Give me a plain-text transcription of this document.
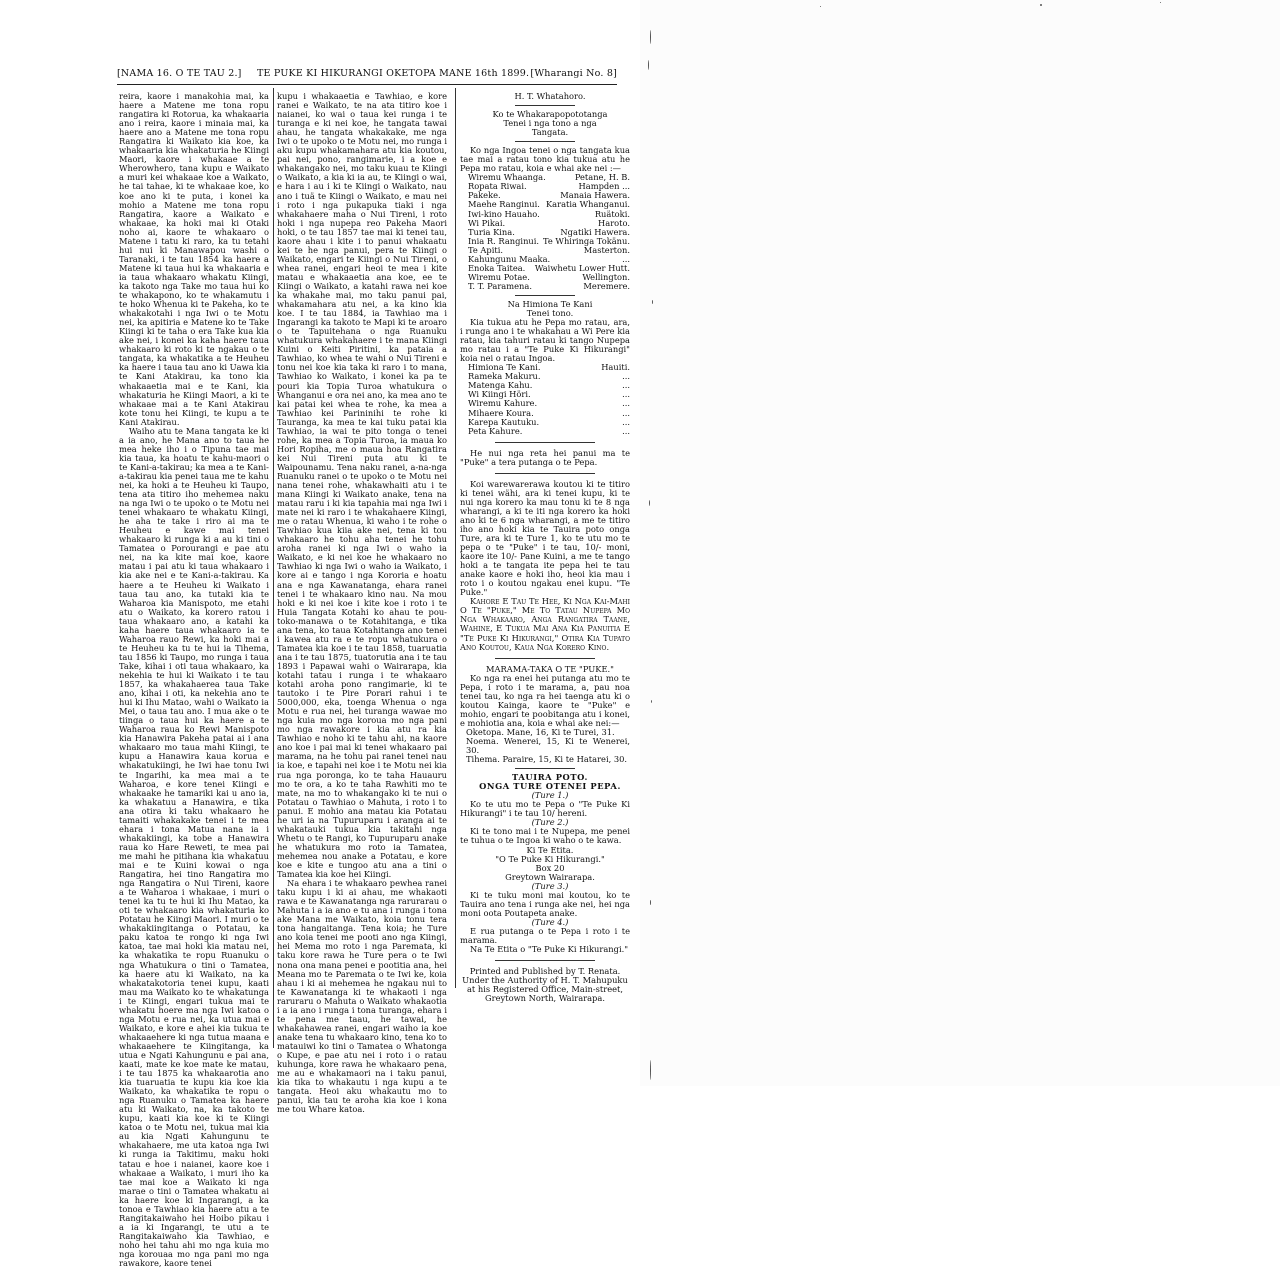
[NAMA 16. O TE TAU 2.] TE PUKE KI HIKURANGI OKETOPA MANE 16th 1899. [Wharangi No. 8]

reira, kaore i manakohia mai, ka haere a Matene me tona ropu rangatira ki Rotorua, ka whakaaria ano i reira, kaore i minaia mai, ka haere ano a Matene me tona ropu Rangatira ki Waikato kia koe, ka whakaaria kia whakaturia he Kiingi Maori, kaore i whakaae a te Wherowhero, tana kupu e Waikato a muri kei whakaae koe a Waikato, he tai tahae, ki te whakaae koe, ko koe ano ki te puta, i konei ka mohio a Matene me tona ropu Rangatira, kaore a Waikato e whakaae, ka hoki mai ki Otaki noho ai, kaore te whakaaro o Matene i tatu ki raro, ka tu tetahi hui nui ki Manawapou washi o Taranaki, i te tau 1854 ka haere a Matene ki taua hui ka whakaaria e ia taua whakaaro whakatu Kiingi, ka takoto nga Take mo taua hui ko te whakapono, ko te whakamutu i te hoko Whenua ki te Pakeha, ko te whakakotahi i nga Iwi o te Motu nei, ka apitiria e Matene ko te Take Kiingi ki te taha o era Take kua kia ake nei, i konei ka kaha haere taua whakaaro ki roto ki te ngakau o te tangata, ka whakatika a te Heuheu ka haere i taua tau ano ki Uawa kia te Kani Atakirau, ka tono kia whakaaetia mai e te Kani, kia whakaturia he Kiingi Maori, a ki te whakaae mai a te Kani Atakirau kote tonu hei Kiingi, te kupu a te Kani Atakirau.

Waiho atu te Mana tangata ke ki a ia ano, he Mana ano to taua he mea heke iho i o Tipuna tae mai kia taua, ka hoatu te kahu-maori o te Kani-a-takirau; ka mea a te Kani-a-takirau kia penei taua me te kahu nei, ka hoki a te Heuheu ki Taupo, tena ata titiro iho mehemea naku na nga Iwi o te upoko o te Motu nei tenei whakaaro te whakatu Kiingi, he aha te take i riro ai ma te Heuheu e kawe mai tenei whakaaro ki runga ki a au ki tini o Tamatea o Porourangi e pae atu nei, na ka kite mai koe, kaore matau i pai atu ki taua whakaaro i kia ake nei e te Kani-a-takirau. Ka haere a te Heuheu ki Waikato i taua tau ano, ka tutaki kia te Waharoa kia Manispoto, me etahi atu o Waikato, ka korero ratou i taua whakaaro ano, a katahi ka kaha haere taua whakaaro ia te Waharoa rauo Rewi, ka hoki mai a te Heuheu ka tu te hui ia Tihema, tau 1856 ki Taupo, mo runga i taua Take, kihai i oti taua whakaaro, ka nekehia te hui ki Waikato i te tau 1857, ka whakahaerea taua Take ano, kihai i oti, ka nekehia ano te hui ki Ihu Matao, wahi o Waikato ia Mei, o taua tau ano. I mua ake o te tiinga o taua hui ka haere a te Waharoa raua ko Rewi Manispoto kia Hanawira Pakeha patai ai i ana whakaaro mo taua mahi Kiingi, te kupu a Hanawira kaua korua e whakatukiingi, he Iwi hae tonu Iwi te Ingarihi, ka mea mai a te Waharoa, e kore tenei Kiingi e whakaake he tamariki kai u ano ia, ka whakatuu a Hanawira, e tika ana otira ki taku whakaaro he tamaiti whakakake tenei i te mea ehara i tona Matua nana ia i whakakiingi, ka tobe a Hanawira raua ko Hare Reweti, te mea pai me mahi he pitihana kia whakatuu mai e te Kuini kowai o nga Rangatira, hei tino Rangatira mo nga Rangatira o Nui Tireni, kaore a te Waharoa i whakaae, i muri o tenei ka tu te hui ki Ihu Matao, ka oti te whakaaro kia whakaturia ko Potatau he Kiingi Maori. I muri o te whakakiingitanga o Potatau, ka paku katoa te rongo ki nga Iwi katoa, tae mai hoki kia matau nei, ka whakatika te ropu Ruanuku o nga Whatukura o tini o Tamatea, ka haere atu ki Waikato, na ka whakatakotoria tenei kupu, kaati mau ma Waikato ko te whakatunga i te Kiingi, engari tukua mai te whakatu hoere ma nga Iwi katoa o nga Motu e rua nei, ka utua mai e Waikato, e kore e ahei kia tukua te whakaaehere ki nga tutua maana e whakaaehere te Kiingitanga, ka utua e Ngati Kahungunu e pai ana, kaati, mate ke koe mate ke matau, i te tau 1875 ka whakaarotia ano kia tuaruatia te kupu kia koe kia Waikato, ka whakatika te ropu o nga Ruanuku o Tamatea ka haere atu ki Waikato, na, ka takoto te kupu, kaati kia koe ki te Kiingi katoa o te Motu nei, tukua mai kia au kia Ngati Kahungunu te whakahaere, me uta katoa nga Iwi ki runga ia Takitimu, maku hoki tatau e hoe i naianei, kaore koe i whakaae a Waikato, i muri iho ka tae mai koe a Waikato ki nga marae o tini o Tamatea whakatu ai ka haere koe ki Ingarangi, a ka tonoa e Tawhiao kia haere atu a te Rangitakaiwaho hei Hoibo pikau i a ia ki Ingarangi, te utu a te Rangitakaiwaho kia Tawhiao, e noho hei tahu ahi mo nga kuia mo nga korouaa mo nga pani mo nga rawakore, kaore tenei

kupu i whakaaetia e Tawhiao, e kore ranei e Waikato, te na ata titiro koe i naianei, ko wai o taua kei runga i te turanga e ki nei koe, he tangata tawai ahau, he tangata whakakake, me nga Iwi o te upoko o te Motu nei, mo runga i aku kupu whakamahara atu kia koutou, pai nei, pono, rangimarie, i a koe e whakangako nei, mo taku kuau te Kiingi o Waikato, a kia ki ia au, te Kiingi o wai, e hara i au i ki te Kiingi o Waikato, nau ano i tuä te Kiingi o Waikato, e mau nei i roto i nga pukapuka tiaki i nga whakahaere maha o Nui Tireni, i roto hoki i nga nupepa reo Pakeha Maori hoki, o te tau 1857 tae mai ki tenei tau, kaore ahau i kite i to panui whakaatu kei te he nga panui, pera te Kiingi o Waikato, engari te Kiingi o Nui Tireni, o whea ranei, engari heoi te mea i kite matau e whakaaetia ana koe, ee te Kiingi o Waikato, a katahi rawa nei koe ka whakahe mai, mo taku panui pai, whakamahara atu nei, a ka kino kia koe. I te tau 1884, ia Tawhiao ma i Ingarangi ka takoto te Mapi ki te aroaro o te Tapuitehana o nga Ruanuku whatukura whakahaere i te mana Kiingi Kuini o Keiti Piritini, ka pataia a Tawhiao, ko whea te wahi o Nui Tireni e tonu nei koe kia taka ki raro i to mana, Tawhiao ko Waikato, i konei ka pa te pouri kia Topia Turoa whatukura o Whanganui e ora nei ano, ka mea ano te kai patai kei whea te rohe, ka mea a Tawhiao kei Parininihi te rohe ki Tauranga, ka mea te kai tuku patai kia Tawhiao, ia wai te pito tonga o tenei rohe, ka mea a Topia Turoa, ia maua ko Hori Ropiha, me o maua hoa Rangatira kei Nui Tireni puta atu ki te Waipounamu. Tena naku ranei, a-na-nga Ruanuku ranei o te upoko o te Motu nei nana tenei rohe, whakawhaiti atu i te mana Kiingi ki Waikato anake, tena na matau raru i ki kia tapahia mai nga Iwi i mate nei ki raro i te whakahaere Kiingi, me o ratau Whenua, ki waho i te rohe o Tawhiao kua kiia ake nei, tena ki tou whakaaro he tohu aha tenei he tohu aroha ranei ki nga Iwi o waho ia Waikato, e ki nei koe he whakaaro no Tawhiao ki nga Iwi o waho ia Waikato, i kore ai e tango i nga Kororia e hoatu ana e nga Kawanatanga, ehara ranei tenei i te whakaaro kino nau. Na mou hoki e ki nei koe i kite koe i roto i te Huia Tangata Kotahi ko ahau te pou-toko-manawa o te Kotahitanga, e tika ana tena, ko taua Kotahitanga ano tenei i kawea atu ra e te ropu whatukura o Tamatea kia koe i te tau 1858, tuaruatia ana i te tau 1875, tuatorutia ana i te tau 1893 i Papawai wahi o Wairarapa, kia kotahi tatau i runga i te whakaaro kotahi aroha pono rangimarie, ki te tautoko i te Pire Porari rahui i te 5000,000, eka, toenga Whenua o nga Motu e rua nei, hei turanga wawae mo nga kuia mo nga koroua mo nga pani mo nga rawakore i kia atu ra kia Tawhiao e noho ki te tahu ahi, na kaore ano koe i pai mai ki tenei whakaaro pai marama, na he tohu pai ranei tenei nau ia koe, e tapahi nei koe i te Motu nei kia rua nga poronga, ko te taha Hauauru mo te ora, a ko te taha Rawhiti mo te mate, na mo to whakangako ki te nui o Potatau o Tawhiao o Mahuta, i roto i to panui. E mohio ana matau kia Potatau he uri ia na Tupuruparu i aranga ai te whakatauki tukua kia takitahi nga Whetu o te Rangi, ko Tupuruparu anake he whatukura mo roto ia Tamatea, mehemea nou anake a Potatau, e kore koe e kite e tungoo atu ana a tini o Tamatea kia koe hei Kiingi.

Na ehara i te whakaaro pewhea ranei taku kupu i ki ai ahau, me whakaoti rawa e te Kawanatanga nga rarurarau o Mahuta i a ia ano e tu ana i runga i tona ake Mana me Waikato, koia tonu tera tona hangaitanga. Tena koia; he Ture ano koia tenei me pooti ano nga Kiingi, hei Mema mo roto i nga Paremata, ki taku kore rawa he Ture pera o te Iwi nona ona mana penei e pootitia ana, hei Meana mo te Paremata o te Iwi ke, koia ahau i ki ai mehemea he ngakau nui to te Kawanatanga ki te whakaoti i nga raruraru o Mahuta o Waikato whakaotia i a ia ano i runga i tona turanga, ehara i te pena me taau, he tawai, he whakahawea ranei, engari waiho ia koe anake tena tu whakaaro kino, tena ko to matauiwi ko tini o Tamatea o Whatonga o Kupe, e pae atu nei i roto i o ratau kuhunga, kore rawa he whakaaro pena, me au e whakamaori na i taku panui, kia tika to whakautu i nga kupu a te tangata. Heoi aku whakautu mo to panui, kia tau te aroha kia koe i kona me tou Whare katoa.

H. T. Whatahoro.

Ko te Whakarapopototanga

Tenei i nga tono a nga

Tangata.

Ko nga Ingoa tenei o nga tangata kua tae mai a ratau tono kia tukua atu he Pepa mo ratau, koia e whai ake nei :—

Wiremu Whaanga.	Petane, H. B.
Ropata Riwai.	Hampden ...
Pakeke.	Manaia Hawera.
Maehe Ranginui. Karatia Whanganui.
Iwi-kino Hauaho.	Ruätoki.
Wi Pikai.	Haroto.
Turia Kina.	Ngatiki Hawera.
Inia R. Ranginui. Te Whiringa Tokänu.
Te Apiti.	Masterton.
Kahungunu Maaka.	...
Enoka Taitea. Waiwhetu Lower Hutt.
Wiremu Potae.	Wellington.
T. T. Paramena.	Meremere.

Na Himiona Te Kani

Tenei tono.

Kia tukua atu he Pepa mo ratau, ara, i runga ano i te whakahau a Wi Pere kia ratau, kia tahuri ratau ki tango Nupepa mo ratau i a "Te Puke Ki Hikurangi" koia nei o ratau Ingoa.

Himiona Te Kani.	Hauiti.
Rameka Makuru.	...
Matenga Kahu.	...
Wi Kiingi Höri.	...
Wiremu Kahure.	...
Mihaere Koura.	...
Karepa Kautuku.	...
Peta Kahure.	...

He nui nga reta hei panui ma te "Puke" a tera putanga o te Pepa.

Koi warewarerawa koutou ki te titiro ki tenei wähi, ara ki tenei kupu, ki te nui nga korero ka mau tonu ki te 8 nga wharangi, a ki te iti nga korero ka hoki ano ki te 6 nga wharangi, a me te titiro iho ano hoki kia te Tauira poto onga Ture, ara ki te Ture 1, ko te utu mo te pepa o te "Puke" i te tau, 10/- moni, kaore ite 10/- Pane Kuini, a me te tango hoki a te tangata ite pepa hei te tau anake kaore e hoki iho, heoi kia mau i roto i o koutou ngakau enei kupu. "Te Puke."

Kahore E Tau Te Hee, Ki Nga Kai-Mahi O Te "Puke," Me To Tatau Nupepa Mo Nga Whakaaro, Anga Rangatira Taane, Wahine, E Tukua Mai Ana Kia Panuitia E "Te Puke Ki Hikurangi," Otira Kia Tupato Ano Koutou, Kaua Nga Korero Kino.

MARAMA-TAKA O TE "PUKE."

Ko nga ra enei hei putanga atu mo te Pepa, i roto i te marama, a, pau noa tenei tau, ko nga ra hei taenga atu ki o koutou Kainga, kaore te "Puke" e mohio, engari te poobitanga atu i konei, e mohiotia ana, koia e whai ake nei:—

Oketopa. Mane, 16, Ki te Turei, 31.
Noema. Wenerei, 15, Ki te Wenerei, 30.
Tihema. Paraire, 15, Ki te Hatarei, 30.

TAUIRA POTO.

ONGA TURE OTENEI PEPA.

(Ture 1.)

Ko te utu mo te Pepa o "Te Puke Ki Hikurangi" i te tau 10/ hereni.

(Ture 2.)

Ki te tono mai i te Nupepa, me penei te tuhua o te Ingoa ki waho o te kawa.

Ki Te Etita.

"O Te Puke Ki Hikurangi."

Box 20

Greytown Wairarapa.

(Ture 3.)

Ki te tuku moni mai koutou, ko te Tauira ano tena i runga ake nei, hei nga moni oota Poutapeta anake.

(Ture 4.)

E rua putanga o te Pepa i roto i te marama.

Na Te Etita o "Te Puke Ki Hikurangi."

Printed and Published by T. Renata. Under the Authority of H. T. Mahupuku at his Registered Office, Main-street, Greytown North, Wairarapa.
